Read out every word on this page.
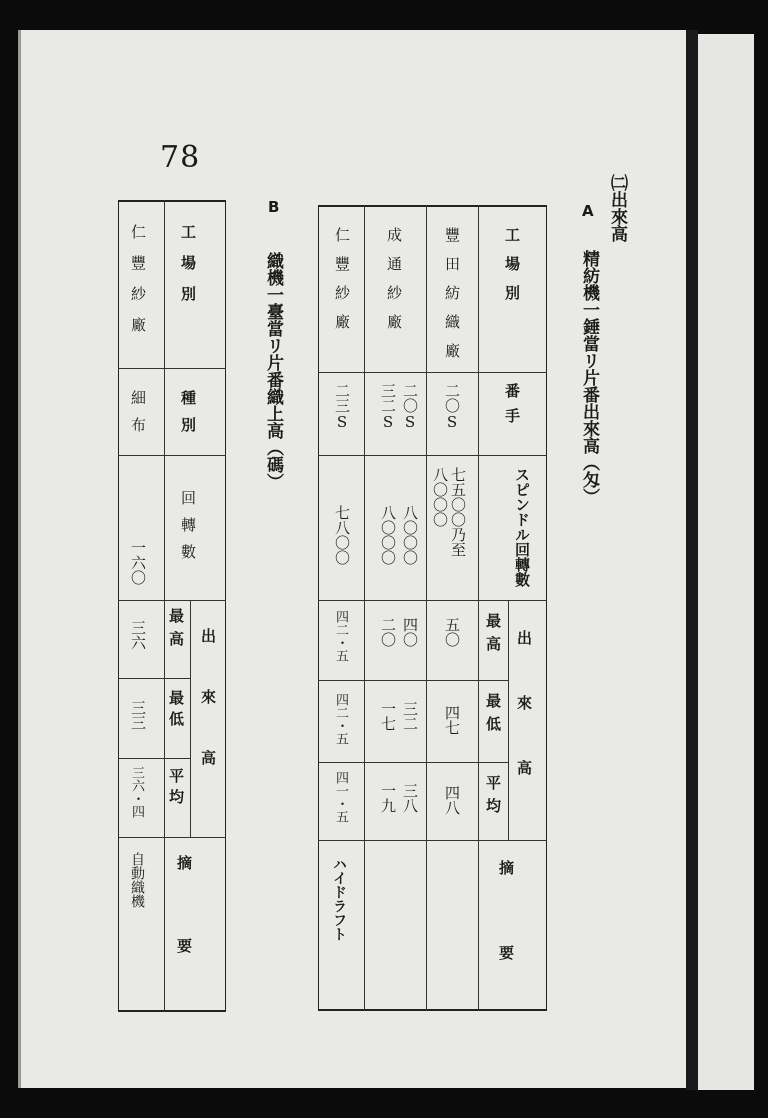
78
㈡出來高
A
精紡機一錘當リ片番出來高（匁）
B
織機一臺當リ片番織上高（碼）	工場別
番手
スピンドル回轉數
出來高
最高
最低
平均
摘要
豐田紡織廠
二〇S
七五〇〇乃至
八〇〇〇
五〇
四七
四八
成通紗廠
二〇S
三二S
八〇〇〇
八〇〇〇
四〇
二〇
三二
一七
三八
一九
仁豐紗廠
二三S
七八〇〇
四二・五
四二・五
四一・五
ハイドラフト
工場別
種別
回轉數
出來高
最高
最低
平均
摘要
仁豐紗廠
細布
一六〇
三六
三三
三六・四
自動織機
